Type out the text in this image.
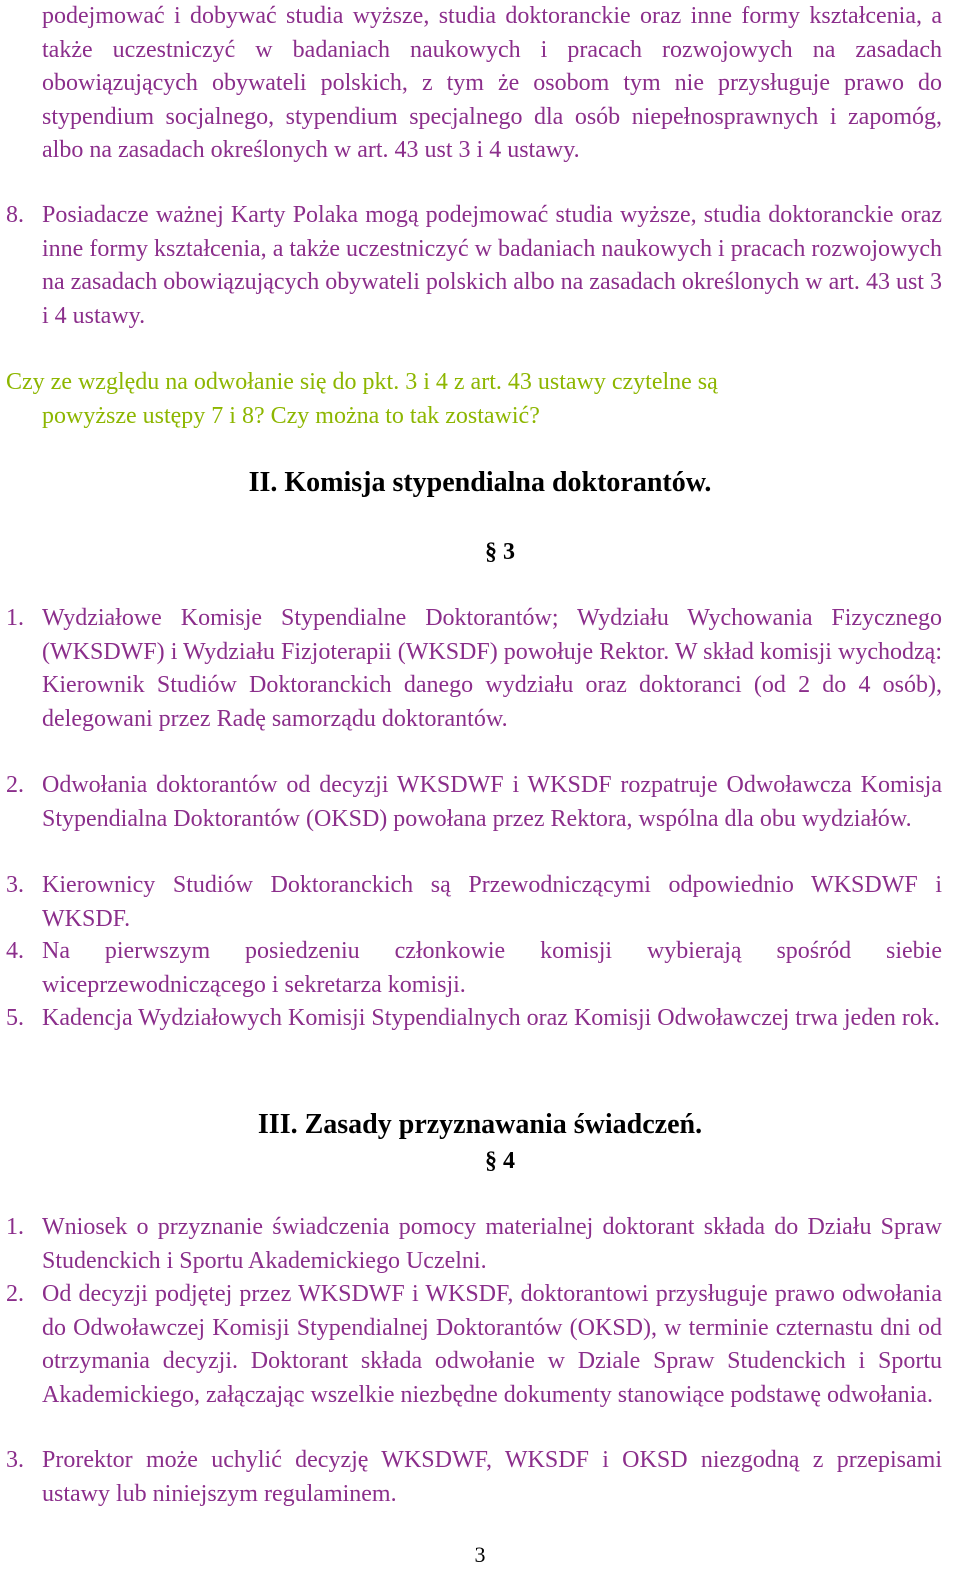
podejmować i dobywać studia wyższe, studia doktoranckie oraz inne formy kształcenia, a także uczestniczyć w badaniach naukowych i pracach rozwojowych na zasadach obowiązujących obywateli polskich, z tym że osobom tym nie przysługuje prawo do stypendium socjalnego, stypendium specjalnego dla osób niepełnosprawnych i zapomóg, albo na zasadach określonych w art. 43 ust 3 i 4 ustawy.
8. Posiadacze ważnej Karty Polaka mogą podejmować studia wyższe, studia doktoranckie oraz inne formy kształcenia, a także uczestniczyć w badaniach naukowych i pracach rozwojowych na zasadach obowiązujących obywateli polskich albo na zasadach określonych w art. 43 ust 3 i 4 ustawy.
Czy ze względu na odwołanie się do pkt. 3 i 4 z art. 43 ustawy czytelne są
powyższe ustępy 7 i 8? Czy można to tak zostawić?
II. Komisja stypendialna doktorantów.
§ 3
1. Wydziałowe Komisje Stypendialne Doktorantów; Wydziału Wychowania Fizycznego (WKSDWF) i Wydziału Fizjoterapii (WKSDF) powołuje Rektor. W skład komisji wychodzą: Kierownik Studiów Doktoranckich danego wydziału oraz doktoranci (od 2 do 4 osób), delegowani przez Radę samorządu doktorantów.
2. Odwołania doktorantów od decyzji WKSDWF i WKSDF rozpatruje Odwoławcza Komisja Stypendialna Doktorantów (OKSD) powołana przez Rektora, wspólna dla obu wydziałów.
3. Kierownicy Studiów Doktoranckich są Przewodniczącymi odpowiednio WKSDWF i WKSDF.
4. Na pierwszym posiedzeniu członkowie komisji wybierają spośród siebie wiceprzewodniczącego i sekretarza komisji.
5. Kadencja Wydziałowych Komisji Stypendialnych oraz Komisji Odwoławczej trwa jeden rok.
III. Zasady przyznawania świadczeń.
§ 4
1. Wniosek o przyznanie świadczenia pomocy materialnej doktorant składa do Działu Spraw Studenckich i Sportu Akademickiego Uczelni.
2. Od decyzji podjętej przez WKSDWF i WKSDF, doktorantowi przysługuje prawo odwołania do Odwoławczej Komisji Stypendialnej Doktorantów (OKSD), w terminie czternastu dni od otrzymania decyzji. Doktorant składa odwołanie w Dziale Spraw Studenckich i Sportu Akademickiego, załączając wszelkie niezbędne dokumenty stanowiące podstawę odwołania.
3. Prorektor może uchylić decyzję WKSDWF, WKSDF i OKSD niezgodną z przepisami ustawy lub niniejszym regulaminem.
3
